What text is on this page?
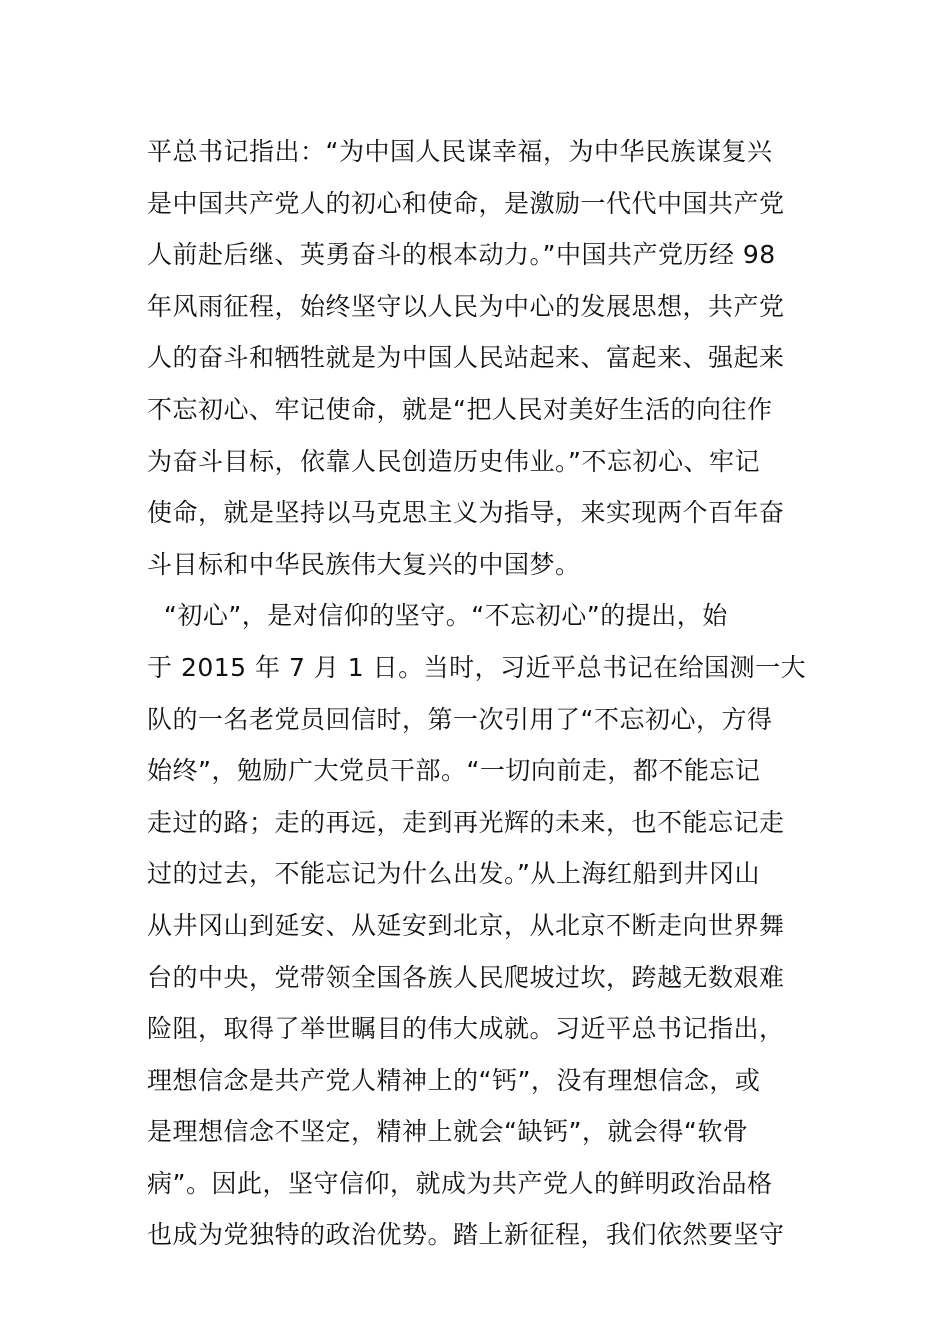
平总书记指出：“为中国人民谋幸福，为中华民族谋复兴
是中国共产党人的初心和使命，是激励一代代中国共产党
人前赴后继、英勇奋斗的根本动力。”中国共产党历经 98
年风雨征程，始终坚守以人民为中心的发展思想，共产党
人的奋斗和牺牲就是为中国人民站起来、富起来、强起来
不忘初心、牢记使命，就是“把人民对美好生活的向往作
为奋斗目标，依靠人民创造历史伟业。”不忘初心、牢记
使命，就是坚持以马克思主义为指导，来实现两个百年奋
斗目标和中华民族伟大复兴的中国梦。
“初心”，是对信仰的坚守。“不忘初心”的提出，始
于 2015 年 7 月 1 日。当时，习近平总书记在给国测一大
队的一名老党员回信时，第一次引用了“不忘初心，方得
始终”，勉励广大党员干部。“一切向前走，都不能忘记
走过的路；走的再远，走到再光辉的未来，也不能忘记走
过的过去，不能忘记为什么出发。”从上海红船到井冈山
从井冈山到延安、从延安到北京，从北京不断走向世界舞
台的中央，党带领全国各族人民爬坡过坎，跨越无数艰难
险阻，取得了举世瞩目的伟大成就。习近平总书记指出，
理想信念是共产党人精神上的“钙”，没有理想信念，或
是理想信念不坚定，精神上就会“缺钙”，就会得“软骨
病”。因此，坚守信仰，就成为共产党人的鲜明政治品格
也成为党独特的政治优势。踏上新征程，我们依然要坚守
